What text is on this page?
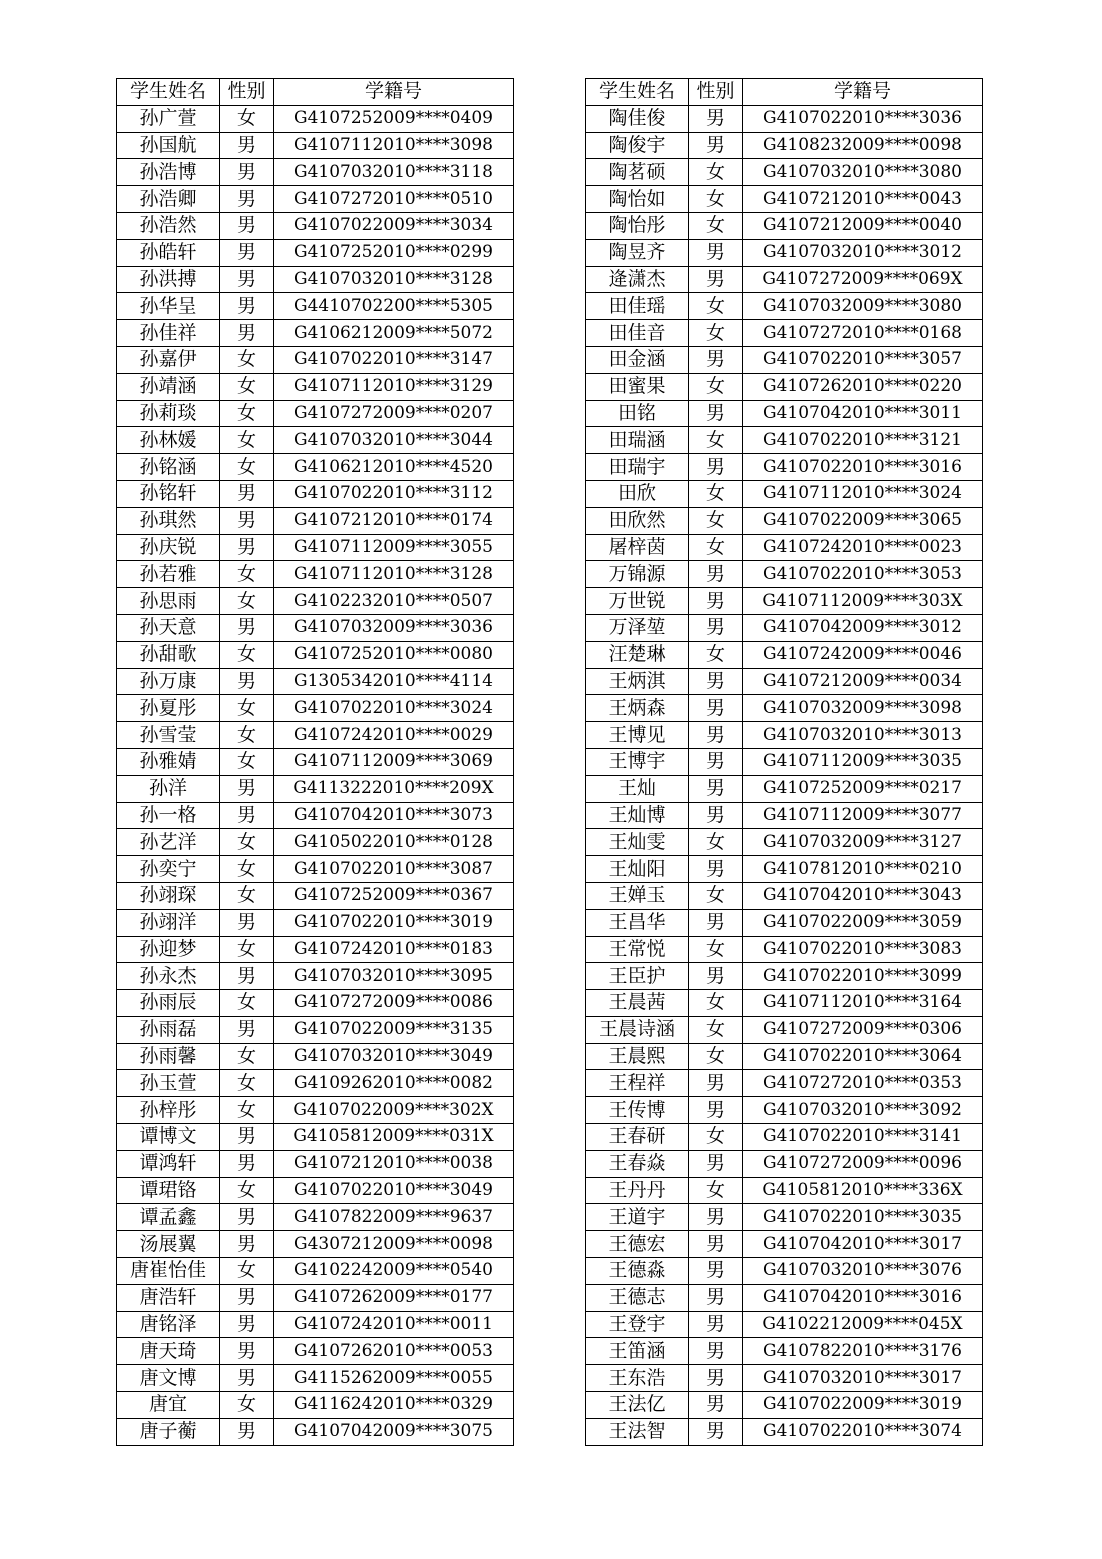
学生姓名	性别	学籍号
孙广萱	女	G4107252009****0409
孙国航	男	G4107112010****3098
孙浩博	男	G4107032010****3118
孙浩卿	男	G4107272010****0510
孙浩然	男	G4107022009****3034
孙皓轩	男	G4107252010****0299
孙洪搏	男	G4107032010****3128
孙华呈	男	G4410702200****5305
孙佳祥	男	G4106212009****5072
孙嘉伊	女	G4107022010****3147
孙靖涵	女	G4107112010****3129
孙莉琰	女	G4107272009****0207
孙林媛	女	G4107032010****3044
孙铭涵	女	G4106212010****4520
孙铭轩	男	G4107022010****3112
孙琪然	男	G4107212010****0174
孙庆锐	男	G4107112009****3055
孙若雅	女	G4107112010****3128
孙思雨	女	G4102232010****0507
孙天意	男	G4107032009****3036
孙甜歌	女	G4107252010****0080
孙万康	男	G1305342010****4114
孙夏彤	女	G4107022010****3024
孙雪莹	女	G4107242010****0029
孙雅婧	女	G4107112009****3069
孙洋	男	G4113222010****209X
孙一格	男	G4107042010****3073
孙艺洋	女	G4105022010****0128
孙奕宁	女	G4107022010****3087
孙翊琛	女	G4107252009****0367
孙翊洋	男	G4107022010****3019
孙迎梦	女	G4107242010****0183
孙永杰	男	G4107032010****3095
孙雨辰	女	G4107272009****0086
孙雨磊	男	G4107022009****3135
孙雨馨	女	G4107032010****3049
孙玉萱	女	G4109262010****0082
孙梓彤	女	G4107022009****302X
谭博文	男	G4105812009****031X
谭鸿轩	男	G4107212010****0038
谭珺铬	女	G4107022010****3049
谭孟鑫	男	G4107822009****9637
汤展翼	男	G4307212009****0098
唐崔怡佳	女	G4102242009****0540
唐浩轩	男	G4107262009****0177
唐铭泽	男	G4107242010****0011
唐天琦	男	G4107262010****0053
唐文博	男	G4115262009****0055
唐宜	女	G4116242010****0329
唐子蘅	男	G4107042009****3075
学生姓名	性别	学籍号
陶佳俊	男	G4107022010****3036
陶俊宇	男	G4108232009****0098
陶茗硕	女	G4107032010****3080
陶怡如	女	G4107212010****0043
陶怡彤	女	G4107212009****0040
陶昱齐	男	G4107032010****3012
逄潇杰	男	G4107272009****069X
田佳瑶	女	G4107032009****3080
田佳音	女	G4107272010****0168
田金涵	男	G4107022010****3057
田蜜果	女	G4107262010****0220
田铭	男	G4107042010****3011
田瑞涵	女	G4107022010****3121
田瑞宇	男	G4107022010****3016
田欣	女	G4107112010****3024
田欣然	女	G4107022009****3065
屠梓茵	女	G4107242010****0023
万锦源	男	G4107022010****3053
万世锐	男	G4107112009****303X
万泽堃	男	G4107042009****3012
汪楚琳	女	G4107242009****0046
王炳淇	男	G4107212009****0034
王炳森	男	G4107032009****3098
王博见	男	G4107032010****3013
王博宇	男	G4107112009****3035
王灿	男	G4107252009****0217
王灿博	男	G4107112009****3077
王灿雯	女	G4107032009****3127
王灿阳	男	G4107812010****0210
王婵玉	女	G4107042010****3043
王昌华	男	G4107022009****3059
王常悦	女	G4107022010****3083
王臣护	男	G4107022010****3099
王晨茜	女	G4107112010****3164
王晨诗涵	女	G4107272009****0306
王晨熙	女	G4107022010****3064
王程祥	男	G4107272010****0353
王传博	男	G4107032010****3092
王春研	女	G4107022010****3141
王春焱	男	G4107272009****0096
王丹丹	女	G4105812010****336X
王道宇	男	G4107022010****3035
王德宏	男	G4107042010****3017
王德淼	男	G4107032010****3076
王德志	男	G4107042010****3016
王登宇	男	G4102212009****045X
王笛涵	男	G4107822010****3176
王东浩	男	G4107032010****3017
王法亿	男	G4107022009****3019
王法智	男	G4107022010****3074
